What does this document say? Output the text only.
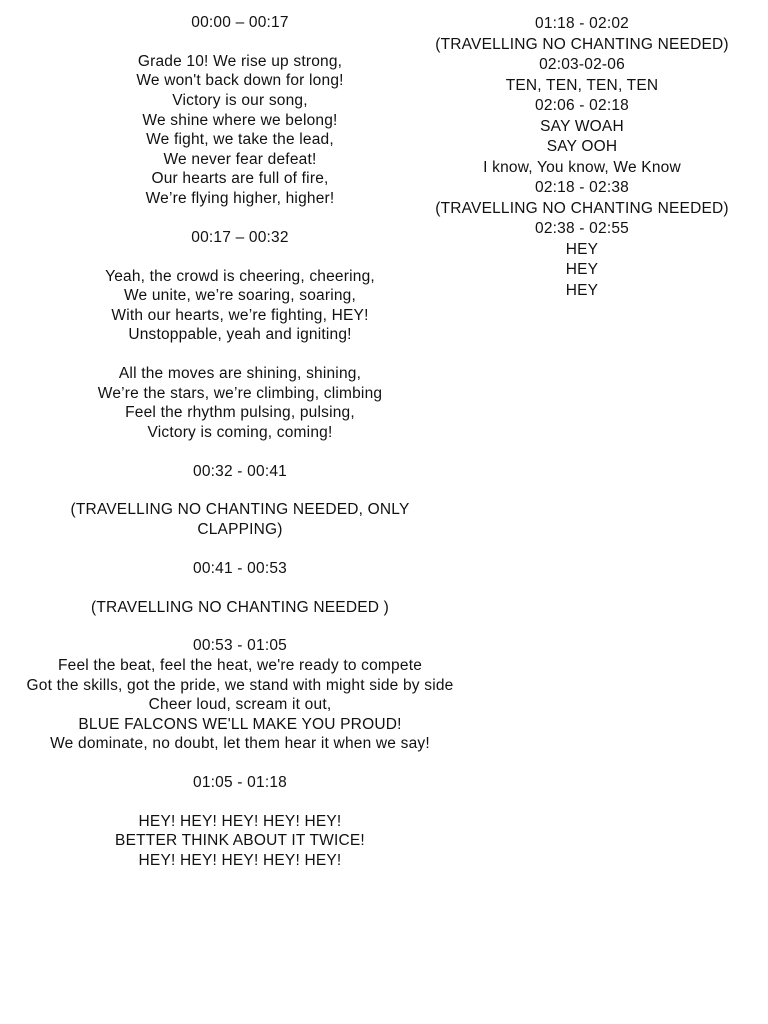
00:00 – 00:17
Grade 10! We rise up strong,
We won't back down for long!
Victory is our song,
We shine where we belong!
We fight, we take the lead,
We never fear defeat!
Our hearts are full of fire,
We’re flying higher, higher!
00:17 – 00:32
Yeah, the crowd is cheering, cheering,
We unite, we’re soaring, soaring,
With our hearts, we’re fighting, HEY!
Unstoppable, yeah and igniting!
All the moves are shining, shining,
We’re the stars, we’re climbing, climbing
Feel the rhythm pulsing, pulsing,
Victory is coming, coming!
00:32 - 00:41
(TRAVELLING NO CHANTING NEEDED, ONLY CLAPPING)
00:41 - 00:53
(TRAVELLING NO CHANTING NEEDED )
00:53 - 01:05
Feel the beat, feel the heat, we're ready to compete
Got the skills, got the pride, we stand with might side by side
Cheer loud, scream it out,
BLUE FALCONS WE'LL MAKE YOU PROUD!
We dominate, no doubt, let them hear it when we say!
01:05 - 01:18
HEY! HEY! HEY! HEY! HEY!
BETTER THINK ABOUT IT TWICE!
HEY! HEY! HEY! HEY! HEY!
01:18 - 02:02
(TRAVELLING NO CHANTING NEEDED)
02:03-02-06
TEN, TEN, TEN, TEN
02:06 - 02:18
SAY WOAH
SAY OOH
I know, You know, We Know
02:18 - 02:38
(TRAVELLING NO CHANTING NEEDED)
02:38 - 02:55
HEY
HEY
HEY
